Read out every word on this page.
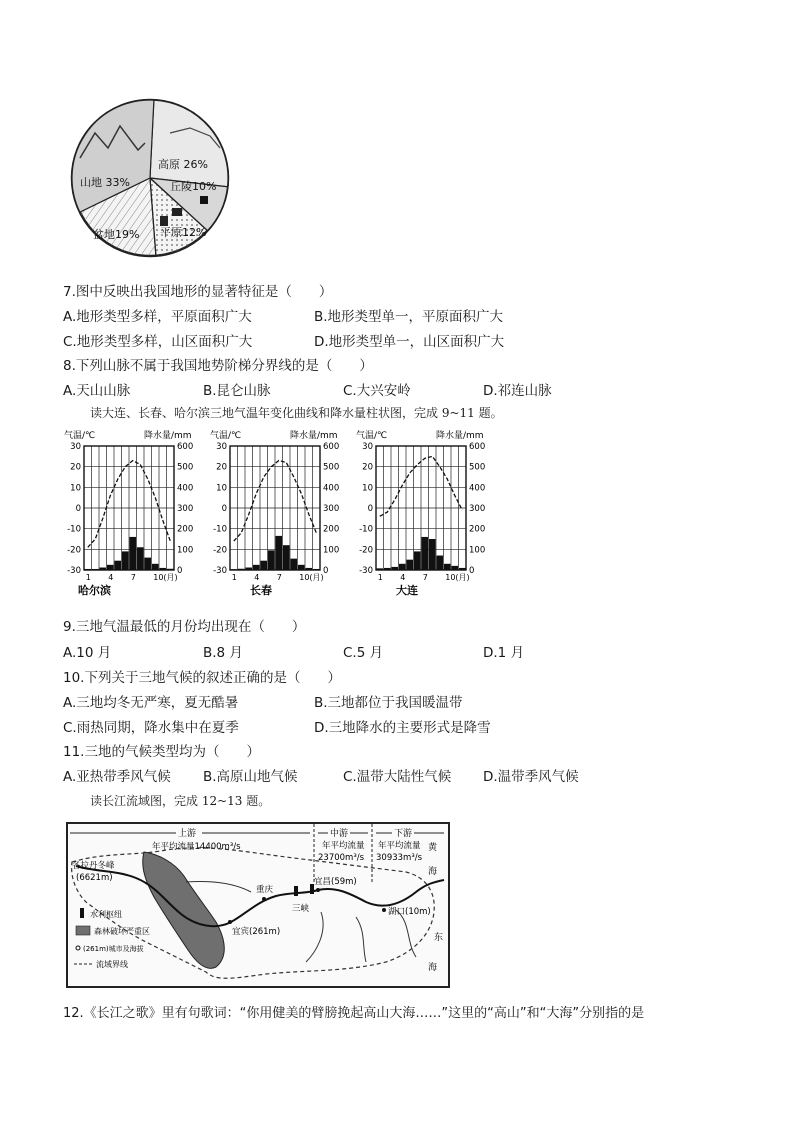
高原 26%
丘陵10%
平原12%
盆地19%
山地 33%
7.图中反映出我国地形的显著特征是（　　）
A.地形类型多样，平原面积广大	B.地形类型单一，平原面积广大
C.地形类型多样，山区面积广大	D.地形类型单一，山区面积广大
8.下列山脉不属于我国地势阶梯分界线的是（　　）
A.天山山脉	B.昆仑山脉	C.大兴安岭	D.祁连山脉
读大连、长春、哈尔滨三地气温年变化曲线和降水量柱状图，完成 9~11 题。
气温/℃	降水量/mm
30	600
20	500
10	400
0	300
-10	200
-20	100
-30	0
1 4 7 10(月)
哈尔滨
气温/℃	降水量/mm
30	600
20	500
10	400
0	300
-10	200
-20	100
-30	0
1 4 7 10(月)
长春
气温/℃	降水量/mm
30	600
20	500
10	400
0	300
-10	200
-20	100
-30	0
1 4 7 10(月)
大连
9.三地气温最低的月份均出现在（　　）
A.10 月	B.8 月	C.5 月	D.1 月
10.下列关于三地气候的叙述正确的是（　　）
A.三地均冬无严寒，夏无酷暑	B.三地都位于我国暖温带
C.雨热同期，降水集中在夏季	D.三地降水的主要形式是降雪
11.三地的气候类型均为（　　）
A.亚热带季风气候 B.高原山地气候	C.温带大陆性气候 D.温带季风气候
读长江流域图，完成 12~13 题。
上游
年平均流量14400m³/s
中游
年平均流量
23700m³/s
下游
年平均流量
30933m³/s
各拉丹冬峰
(6621m)
重庆
三峡
宜昌(59m)
宜宾(261m)
湖口(10m)
黄
海
东
海
水利枢纽
森林破坏严重区
(261m)城市及海拔
流域界线
12.《长江之歌》里有句歌词：“你用健美的臂膀挽起高山大海……”这里的“高山”和“大海”分别指的是
